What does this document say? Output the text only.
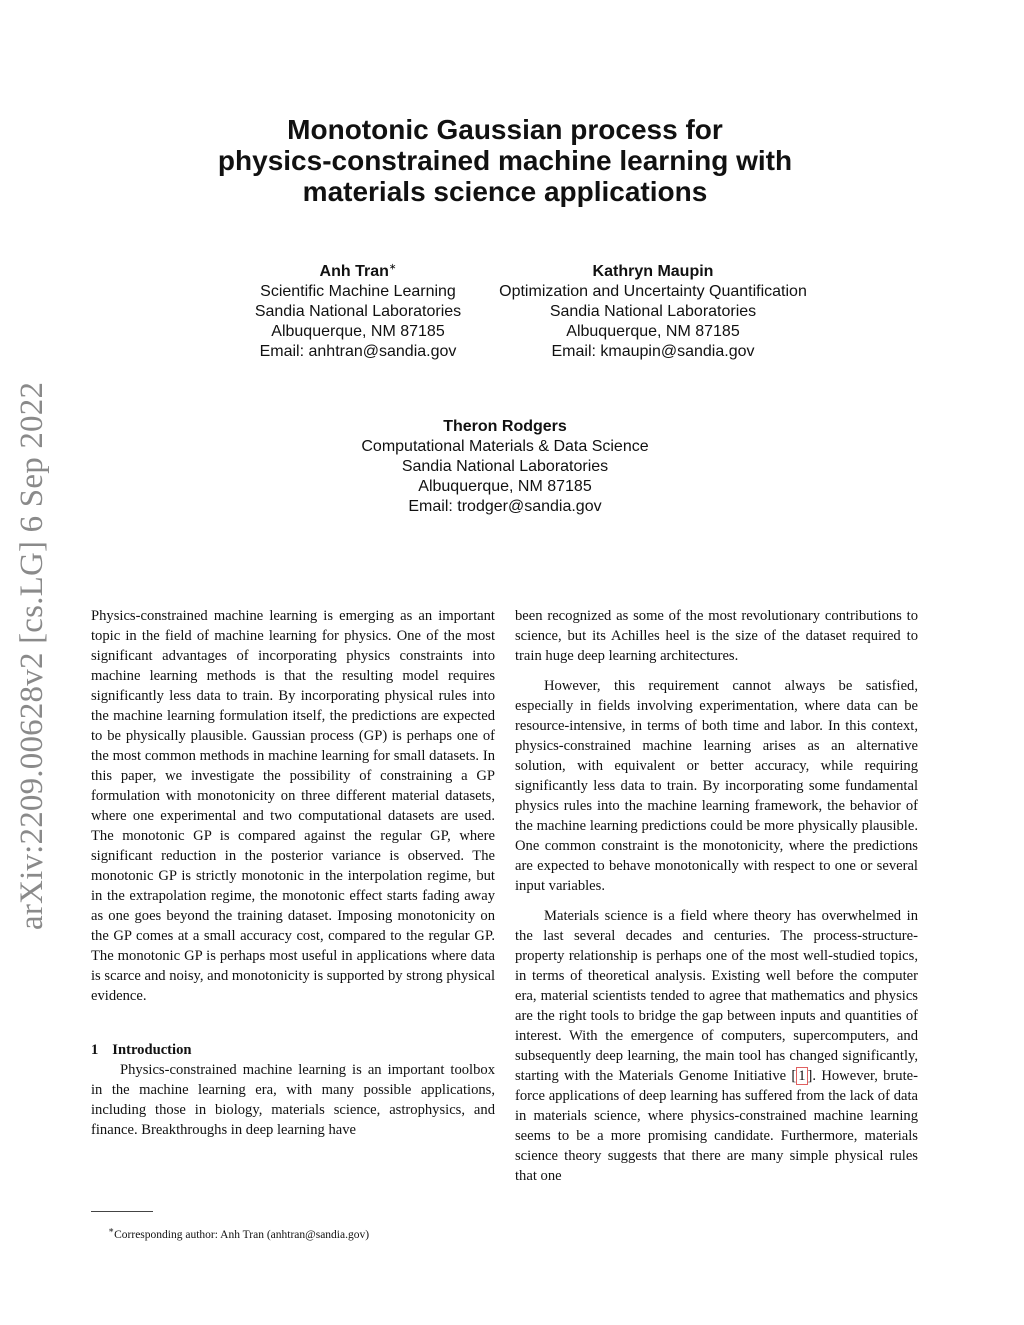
arXiv:2209.00628v2 [cs.LG] 6 Sep 2022
Monotonic Gaussian process for
physics-constrained machine learning with
materials science applications
Anh Tran∗
Scientific Machine Learning
Sandia National Laboratories
Albuquerque, NM 87185
Email: anhtran@sandia.gov
Kathryn Maupin
Optimization and Uncertainty Quantification
Sandia National Laboratories
Albuquerque, NM 87185
Email: kmaupin@sandia.gov
Theron Rodgers
Computational Materials & Data Science
Sandia National Laboratories
Albuquerque, NM 87185
Email: trodger@sandia.gov

Physics-constrained machine learning is emerging as an important topic in the field of machine learning for physics. One of the most significant advantages of incorporating physics constraints into machine learning methods is that the resulting model requires significantly less data to train. By incorporating physical rules into the machine learning formulation itself, the predictions are expected to be physically plausible. Gaussian process (GP) is perhaps one of the most common methods in machine learning for small datasets. In this paper, we investigate the possibility of constraining a GP formulation with monotonicity on three different material datasets, where one experimental and two computational datasets are used. The monotonic GP is compared against the regular GP, where significant reduction in the posterior variance is observed. The monotonic GP is strictly monotonic in the interpolation regime, but in the extrapolation regime, the monotonic effect starts fading away as one goes beyond the training dataset. Imposing monotonicity on the GP comes at a small accuracy cost, compared to the regular GP. The monotonic GP is perhaps most useful in applications where data is scarce and noisy, and monotonicity is supported by strong physical evidence.

1 Introduction

Physics-constrained machine learning is an important toolbox in the machine learning era, with many possible applications, including those in biology, materials science, astrophysics, and finance. Breakthroughs in deep learning have

been recognized as some of the most revolutionary contributions to science, but its Achilles heel is the size of the dataset required to train huge deep learning architectures.

However, this requirement cannot always be satisfied, especially in fields involving experimentation, where data can be resource-intensive, in terms of both time and labor. In this context, physics-constrained machine learning arises as an alternative solution, with equivalent or better accuracy, while requiring significantly less data to train. By incorporating some fundamental physics rules into the machine learning framework, the behavior of the machine learning predictions could be more physically plausible. One common constraint is the monotonicity, where the predictions are expected to behave monotonically with respect to one or several input variables.

Materials science is a field where theory has overwhelmed in the last several decades and centuries. The process-structure-property relationship is perhaps one of the most well-studied topics, in terms of theoretical analysis. Existing well before the computer era, material scientists tended to agree that mathematics and physics are the right tools to bridge the gap between inputs and quantities of interest. With the emergence of computers, supercomputers, and subsequently deep learning, the main tool has changed significantly, starting with the Materials Genome Initiative [ 1 ]. However, brute-force applications of deep learning has suffered from the lack of data in materials science, where physics-constrained machine learning seems to be a more promising candidate. Furthermore, materials science theory suggests that there are many simple physical rules that one

∗Corresponding author: Anh Tran (anhtran@sandia.gov)
